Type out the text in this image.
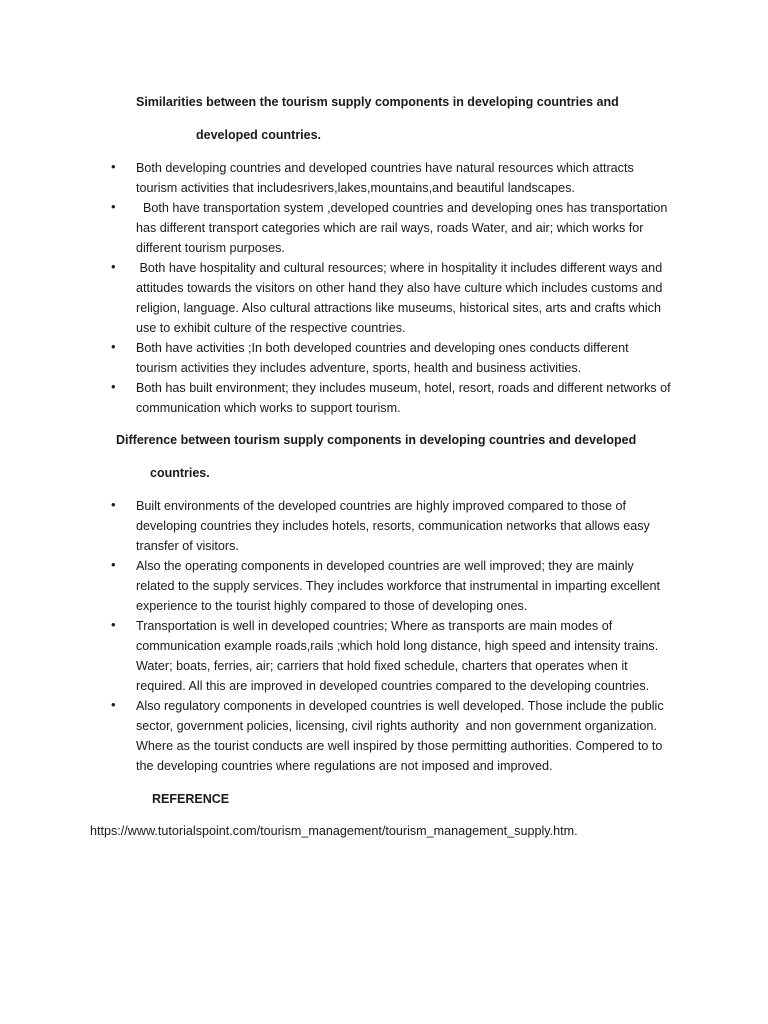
Similarities between the tourism supply components in developing countries and
developed countries.
• Both developing countries and developed countries have natural resources which attracts tourism activities that includesrivers,lakes,mountains,and beautiful landscapes.
• Both have transportation system ,developed countries and developing ones has transportation has different transport categories which are rail ways, roads Water, and air; which works for different tourism purposes.
• Both have hospitality and cultural resources; where in hospitality it includes different ways and attitudes towards the visitors on other hand they also have culture which includes customs and religion, language. Also cultural attractions like museums, historical sites, arts and crafts which use to exhibit culture of the respective countries.
• Both have activities ;In both developed countries and developing ones conducts different tourism activities they includes adventure, sports, health and business activities.
• Both has built environment; they includes museum, hotel, resort, roads and different networks of communication which works to support tourism.
Difference between tourism supply components in developing countries and developed
countries.
• Built environments of the developed countries are highly improved compared to those of developing countries they includes hotels, resorts, communication networks that allows easy transfer of visitors.
• Also the operating components in developed countries are well improved; they are mainly related to the supply services. They includes workforce that instrumental in imparting excellent experience to the tourist highly compared to those of developing ones.
• Transportation is well in developed countries; Where as transports are main modes of communication example roads,rails ;which hold long distance, high speed and intensity trains. Water; boats, ferries, air; carriers that hold fixed schedule, charters that operates when it required. All this are improved in developed countries compared to the developing countries.
• Also regulatory components in developed countries is well developed. Those include the public sector, government policies, licensing, civil rights authority  and non government organization. Where as the tourist conducts are well inspired by those permitting authorities. Compered to to the developing countries where regulations are not imposed and improved.
REFERENCE
https://www.tutorialspoint.com/tourism_management/tourism_management_supply.htm.
